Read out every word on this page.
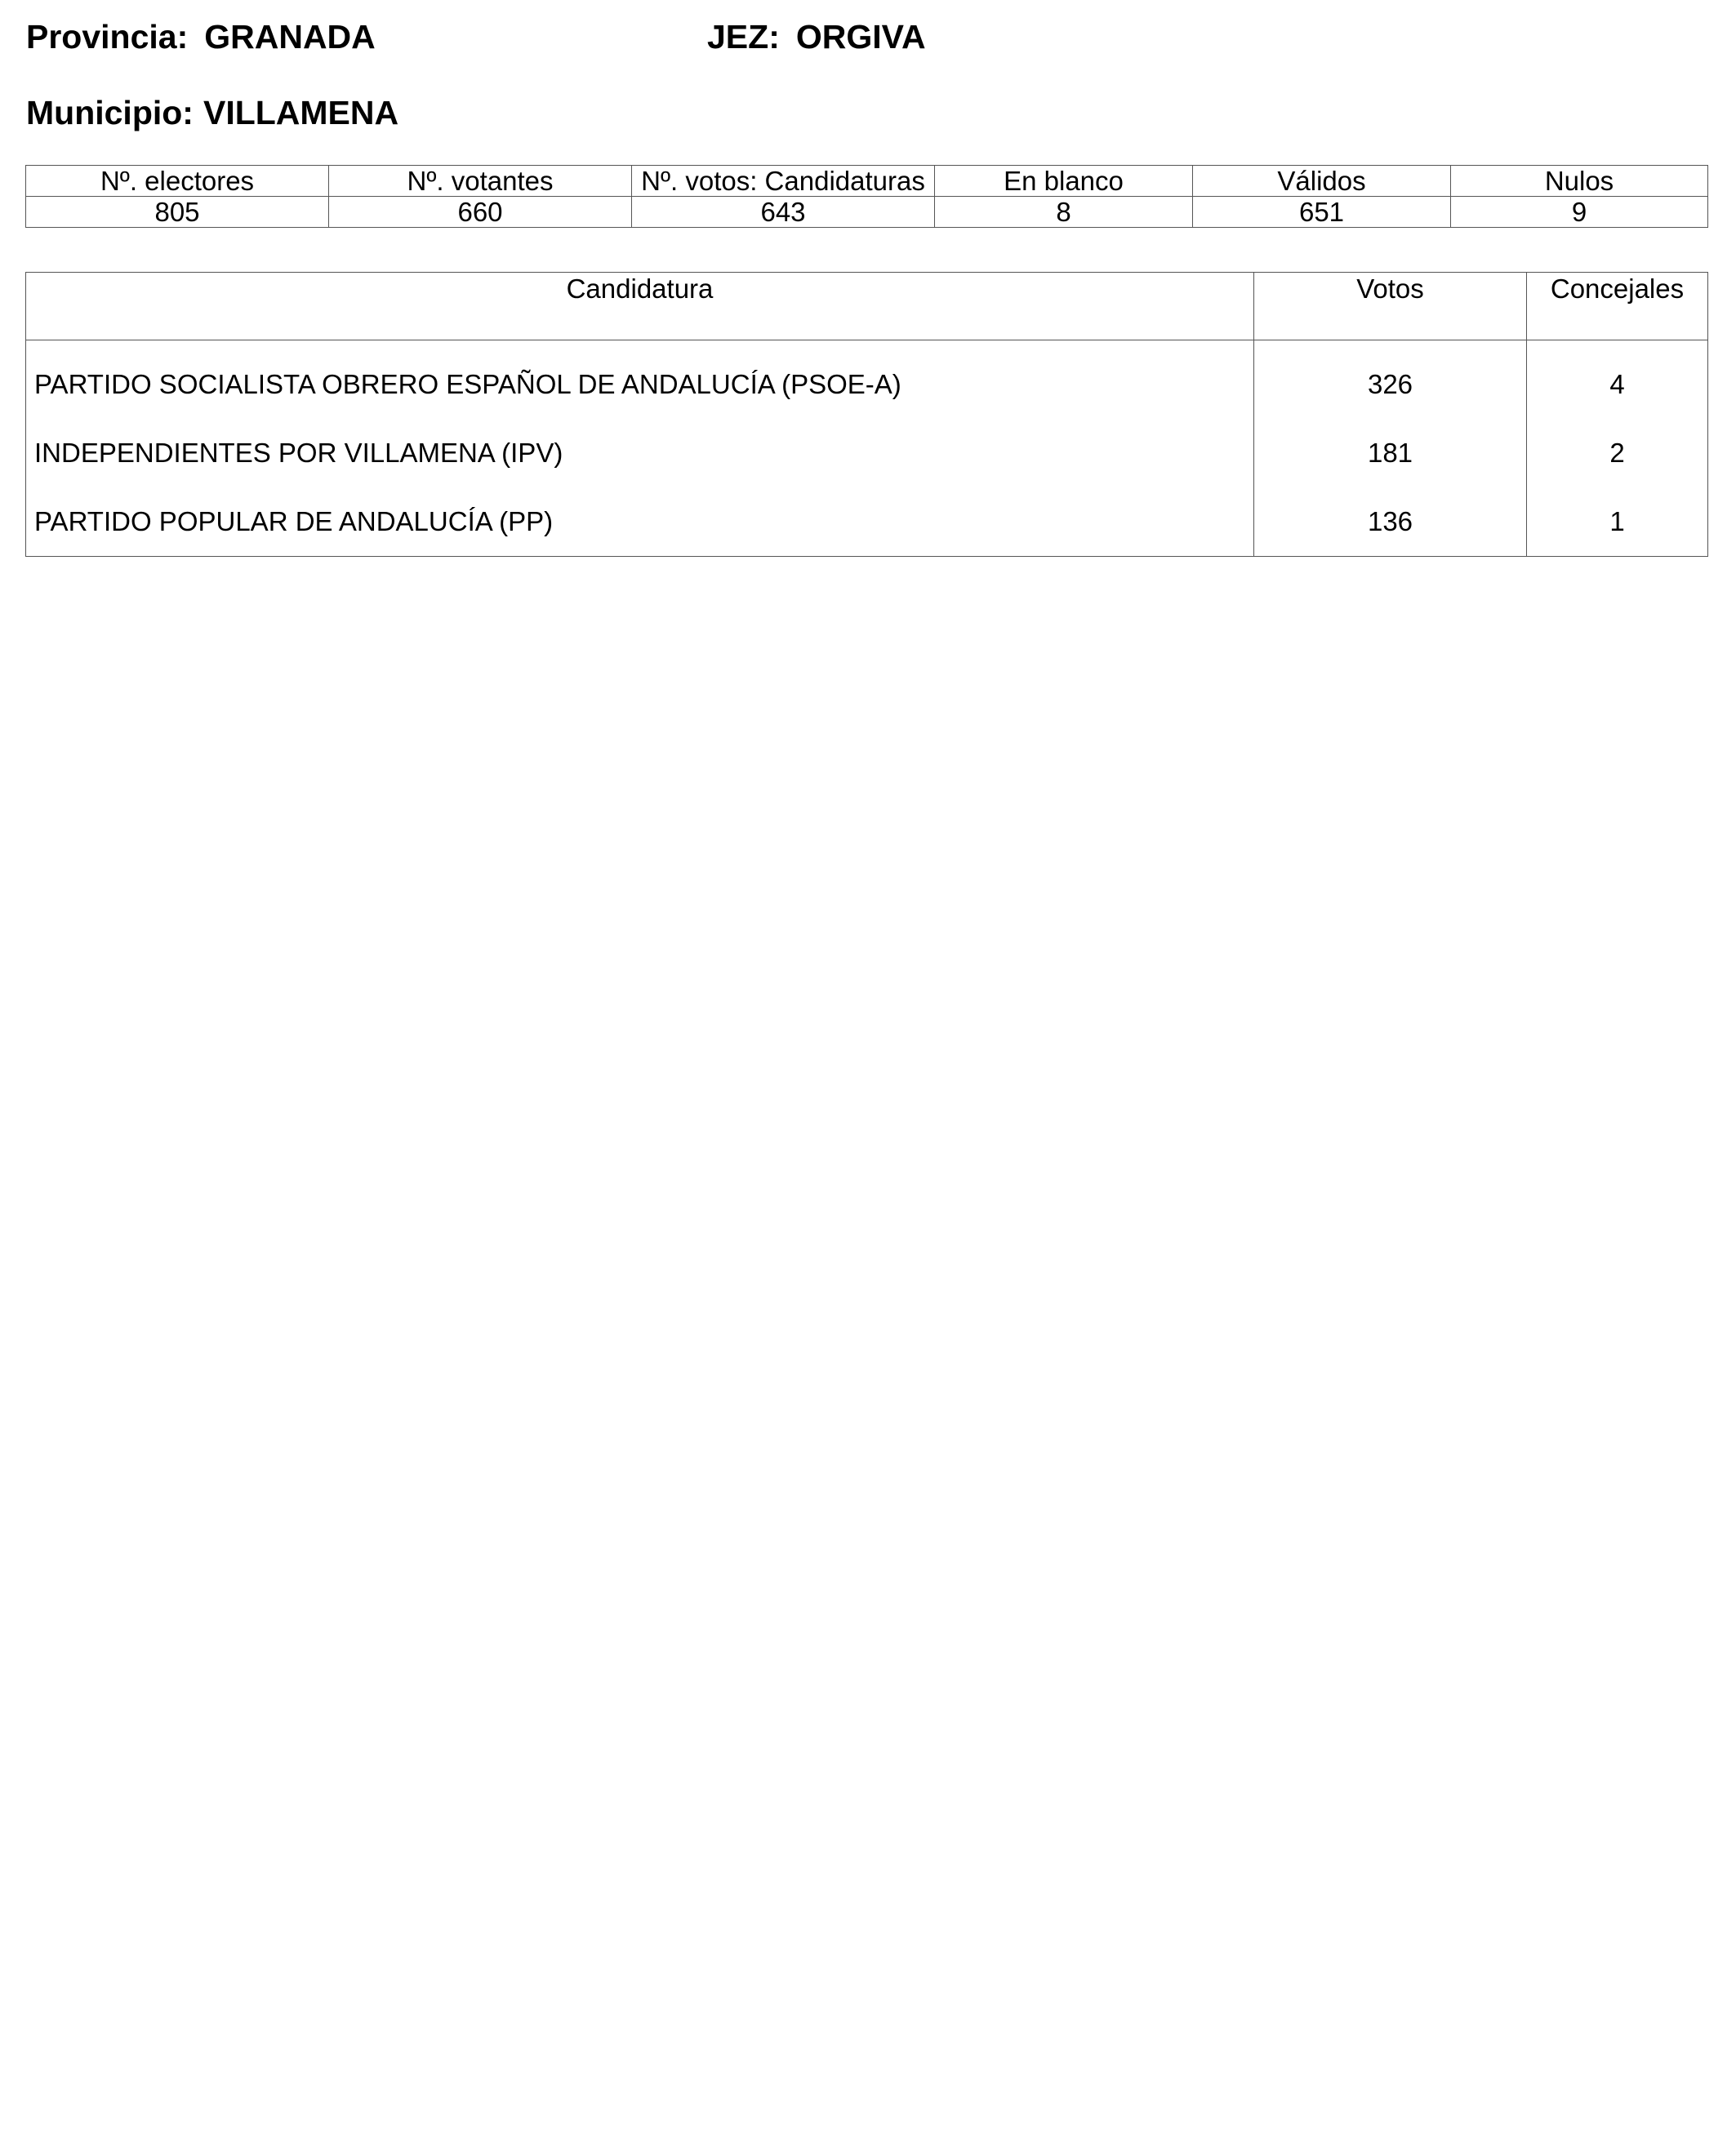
Provincia: GRANADA	JEZ: ORGIVA
Municipio: VILLAMENA
Nº. electores	Nº. votantes	Nº. votos: Candidaturas	En blanco	Válidos	Nulos
805	660	643	8	651	9
Candidatura	Votos	Concejales
PARTIDO SOCIALISTA OBRERO ESPAÑOL DE ANDALUCÍA (PSOE-A)	326	4
INDEPENDIENTES POR VILLAMENA (IPV)	181	2
PARTIDO POPULAR DE ANDALUCÍA (PP)	136	1
